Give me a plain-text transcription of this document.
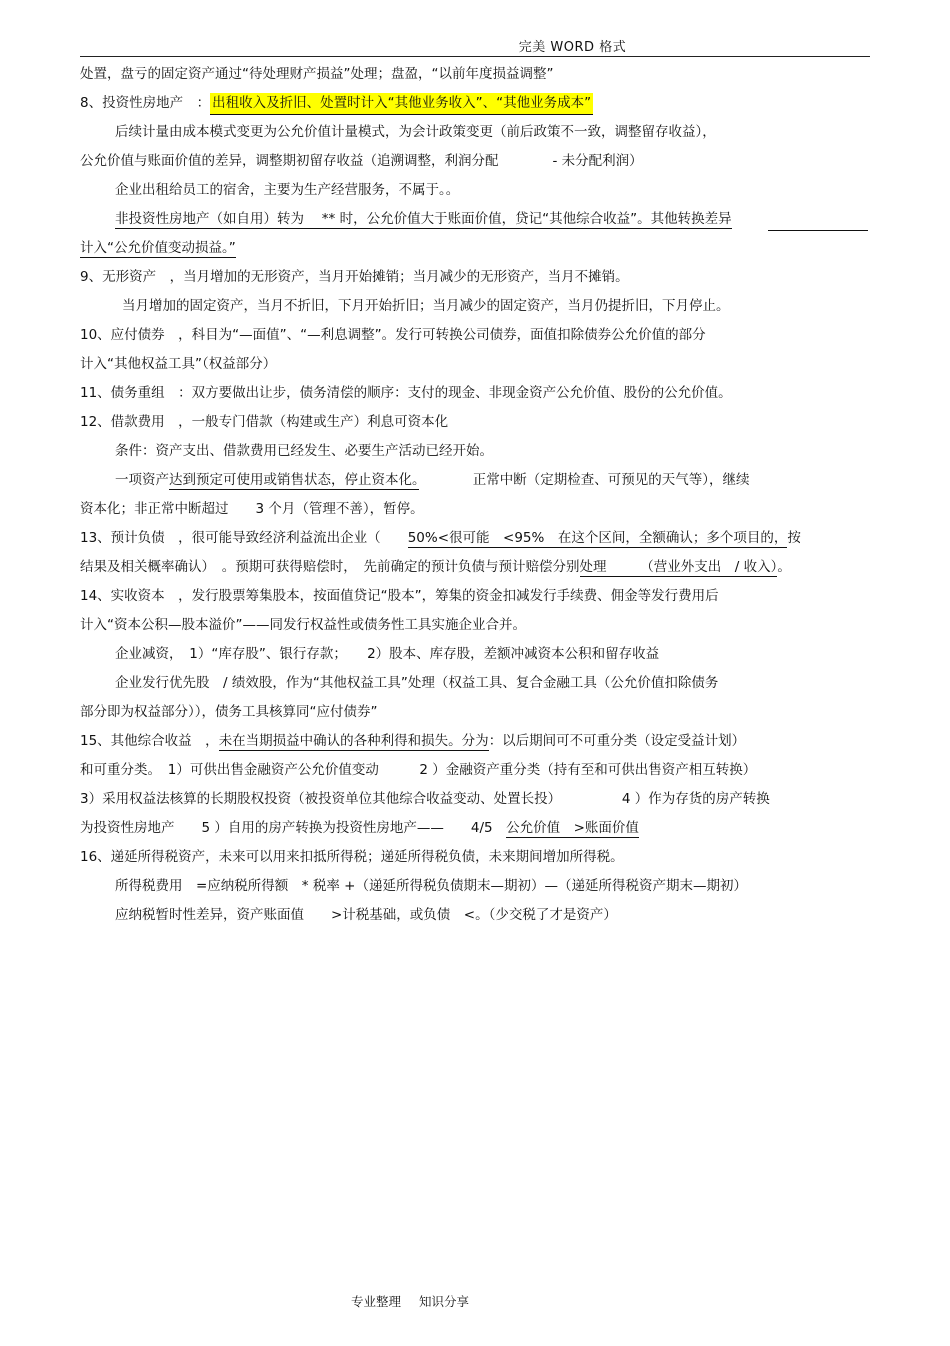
完美 WORD 格式
处置，盘亏的固定资产通过“待处理财产损益”处理；盘盈，“以前年度损益调整”
8、投资性房地产　： 出租收入及折旧、处置时计入“其他业务收入”、“其他业务成本”
后续计量由成本模式变更为公允价值计量模式，为会计政策变更（前后政策不一致，调整留存收益），
公允价值与账面价值的差异，调整期初留存收益（追溯调整，利润分配　　　　- 未分配利润）
企业出租给员工的宿舍，主要为生产经营服务，不属于。。
非投资性房地产（如自用）转为　 ** 时，公允价值大于账面价值，贷记“其他综合收益”。其他转换差异
计入“公允价值变动损益。”
9、无形资产　，当月增加的无形资产，当月开始摊销；当月减少的无形资产，当月不摊销。
当月增加的固定资产，当月不折旧，下月开始折旧；当月减少的固定资产，当月仍提折旧，下月停止。
10、应付债券　，科目为“—面值”、“—利息调整”。发行可转换公司债券，面值扣除债券公允价值的部分
计入“其他权益工具”（权益部分）
11、债务重组　：双方要做出让步，债务清偿的顺序：支付的现金、非现金资产公允价值、股份的公允价值。
12、借款费用　，一般专门借款（构建或生产）利息可资本化
条件：资产支出、借款费用已经发生、必要生产活动已经开始。
一项资产达到预定可使用或销售状态，停止资本化。　　　　正常中断（定期检查、可预见的天气等），继续
资本化；非正常中断超过　　3 个月（管理不善），暂停。
13、预计负债　，很可能导致经济利益流出企业（　　50%<很可能　<95%　在这个区间，全额确认；多个项目的，按
结果及相关概率确认）　。预期可获得赔偿时，　先前确定的预计负债与预计赔偿分别处理　　　（营业外支出　/ 收入）。
14、实收资本　，发行股票筹集股本，按面值贷记“股本”，筹集的资金扣减发行手续费、佣金等发行费用后
计入“资本公积—股本溢价”——同发行权益性或债务性工具实施企业合并。
企业减资，　1）“库存股”、银行存款；　　2）股本、库存股，差额冲减资本公积和留存收益
企业发行优先股　/ 绩效股，作为“其他权益工具”处理（权益工具、复合金融工具（公允价值扣除债务
部分即为权益部分）），债务工具核算同“应付债券”
15、其他综合收益　，未在当期损益中确认的各种利得和损失。分为：以后期间可不可重分类（设定受益计划）
和可重分类。　1）可供出售金融资产公允价值变动　　　2 ）金融资产重分类（持有至和可供出售资产相互转换）
3）采用权益法核算的长期股权投资（被投资单位其他综合收益变动、处置长投）　　　　　4 ）作为存货的房产转换
为投资性房地产　　5 ）自用的房产转换为投资性房地产——　　4/5　公允价值　>账面价值
16、递延所得税资产，未来可以用来扣抵所得税；递延所得税负债，未来期间增加所得税。
所得税费用　=应纳税所得额　* 税率 +（递延所得税负债期末—期初）—（递延所得税资产期末—期初）
应纳税暂时性差异，资产账面值　　>计税基础，或负债　<。（少交税了才是资产）
专业整理 知识分享
